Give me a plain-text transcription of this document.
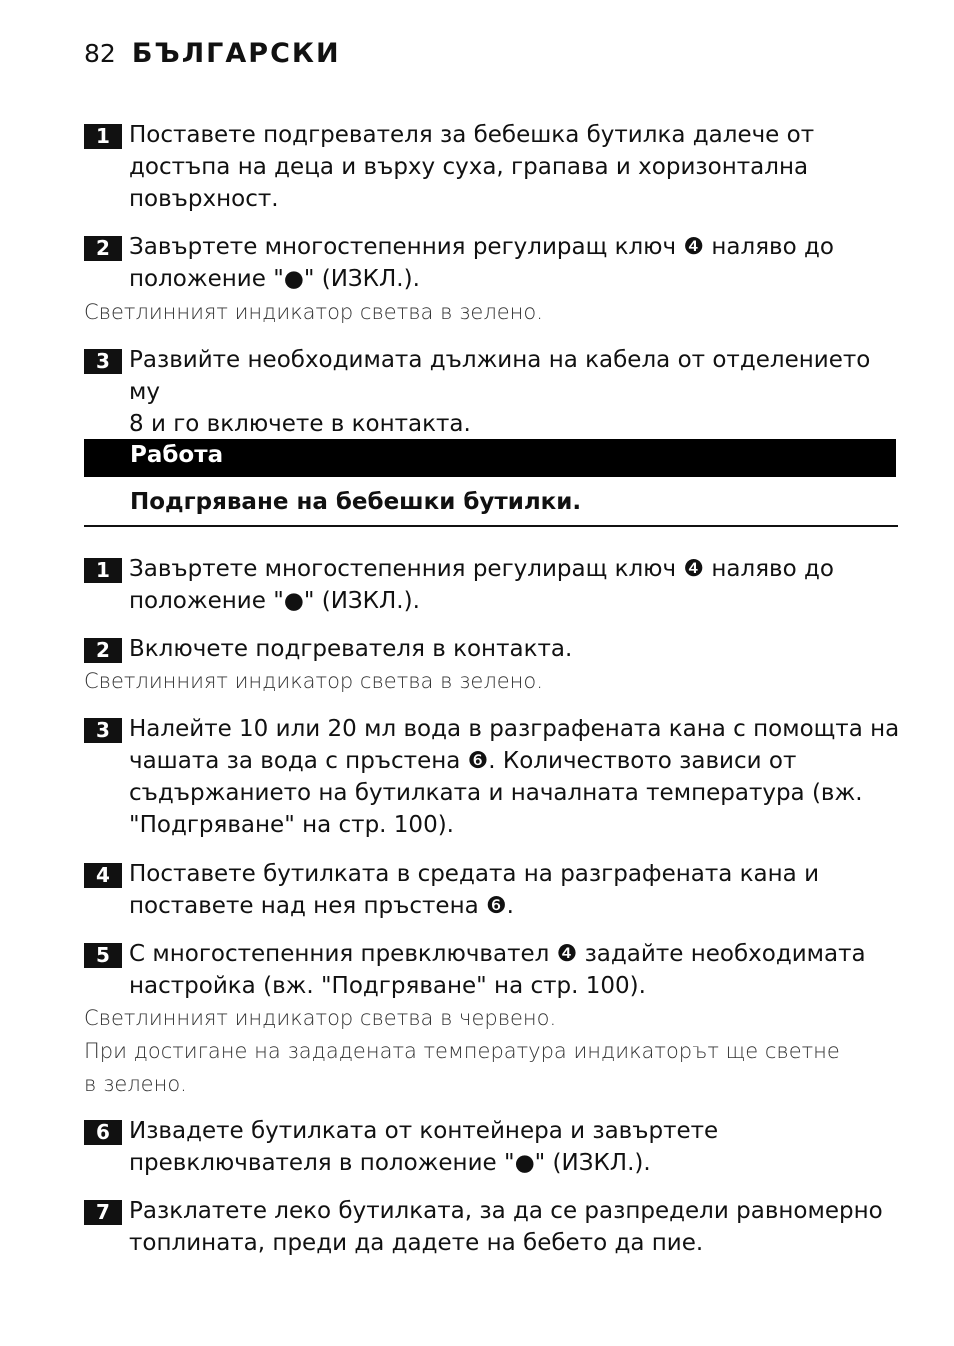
82 БЪЛГАРСКИ
1 Поставете подгревателя за бебешка бутилка далече от
достъпа на деца и върху суха, грапава и хоризонтална
повърхност.
2 Завъртете многостепенния регулиращ ключ ❹ наляво до
положение "●" (ИЗКЛ.).
Светлинният индикатор светва в зелено.
3 Развийте необходимата дължина на кабела от отделението му
8 и го включете в контакта.
Работа
Подгряване на бебешки бутилки.
1 Завъртете многостепенния регулиращ ключ ❹ наляво до
положение "●" (ИЗКЛ.).
2 Включете подгревателя в контакта.
Светлинният индикатор светва в зелено.
3 Налейте 10 или 20 мл вода в разграфената кана с помощта на
чашата за вода с пръстена ❻. Количеството зависи от
съдържанието на бутилката и началната температура (вж.
"Подгряване" на стр. 100).
4 Поставете бутилката в средата на разграфената кана и
поставете над нея пръстена ❻.
5 С многостепенния превключвател ❹ задайте необходимата
настройка (вж. "Подгряване" на стр. 100).
Светлинният индикатор светва в червено.
При достигане на зададената температура индикаторът ще светне
в зелено.
6 Извадете бутилката от контейнера и завъртете
превключвателя в положение "●" (ИЗКЛ.).
7 Разклатете леко бутилката, за да се разпредели равномерно
топлината, преди да дадете на бебето да пие.
